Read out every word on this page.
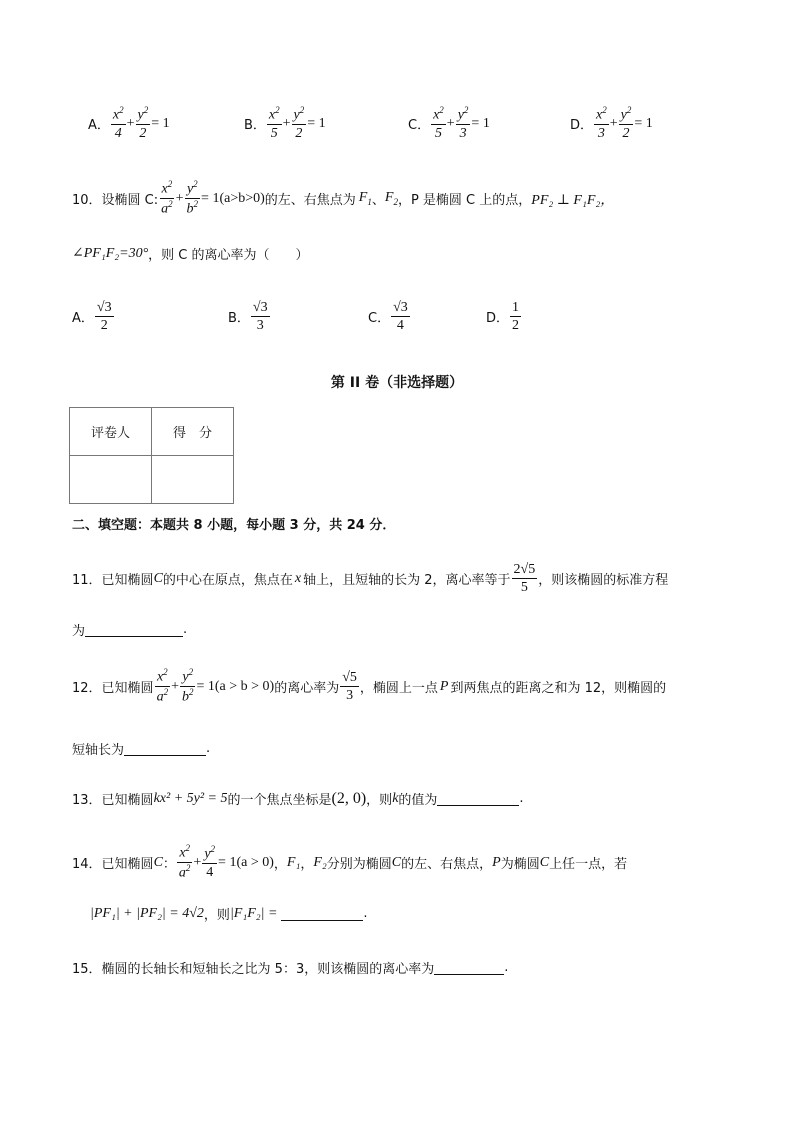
A． $\frac{x^2}{4} + \frac{y^2}{2} = 1$	B． $\frac{x^2}{5} + \frac{y^2}{2} = 1$	C． $\frac{x^2}{5} + \frac{y^2}{3} = 1$	D． $\frac{x^2}{3} + \frac{y^2}{2} = 1$
10． 设椭圆 C: $\frac{x^2}{a^2} + \frac{y^2}{b^2} = 1(a>b>0)$ 的左、右焦点为 $F_1$ 、 $F_2$ ，P 是椭圆 C 上的点， PF₂ ⊥ F₁F₂，
∠PF₁F₂=30° ，则 C 的离心率为（　　）
A． $\frac{√3}{2}$	B． $\frac{√3}{3}$	C． $\frac{√3}{4}$	D． $\frac{1}{2}$
第 II 卷（非选择题）
评卷人	得　分

二、填空题：本题共 8 小题，每小题 3 分，共 24 分．
11． 已知椭圆 C 的中心在原点，焦点在 x 轴上，且短轴的长为 2，离心率等于 $\frac{2√5}{5}$ ，则该椭圆的标准方程
为	.
12． 已知椭圆 $\frac{x^2}{a^2} + \frac{y^2}{b^2} = 1(a > b > 0)$ 的离心率为 $\frac{√5}{3}$ ，椭圆上一点 P 到两焦点的距离之和为 12，则椭圆的
短轴长为	.
13． 已知椭圆 kx² + 5y² = 5 的一个焦点坐标是 (2, 0) ，则 k 的值为	.
14． 已知椭圆 C ： $\frac{x^2}{a^2} + \frac{y^2}{4} = 1(a > 0)$ ， F₁ ， F₂ 分别为椭圆 C 的左、右焦点， P 为椭圆 C 上任一点，若
|PF₁| + |PF₂| = 4√2 ，则 |F₁F₂| =	.
15． 椭圆的长轴长和短轴长之比为 5：3，则该椭圆的离心率为	.
